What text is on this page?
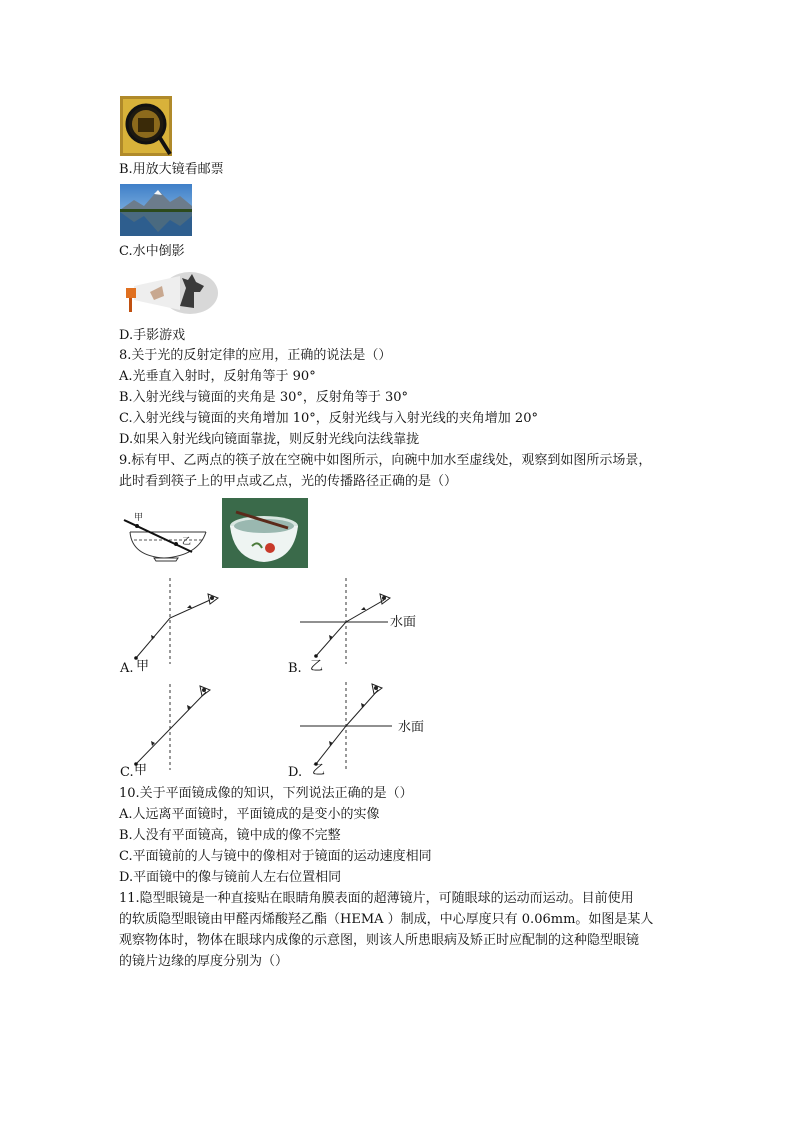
B.用放大镜看邮票
C.水中倒影
D.手影游戏
8.关于光的反射定律的应用，正确的说法是（）
A.光垂直入射时，反射角等于 90°
B.入射光线与镜面的夹角是 30°，反射角等于 30°
C.入射光线与镜面的夹角增加 10°，反射光线与入射光线的夹角增加 20°
D.如果入射光线向镜面靠拢，则反射光线向法线靠拢
9.标有甲、乙两点的筷子放在空碗中如图所示，向碗中加水至虚线处，观察到如图所示场景，
此时看到筷子上的甲点或乙点，光的传播路径正确的是（）
甲
乙
A. 甲
水面
B. 乙
C. 甲
水面
D. 乙
10.关于平面镜成像的知识，下列说法正确的是（）
A.人远离平面镜时，平面镜成的是变小的实像
B.人没有平面镜高，镜中成的像不完整
C.平面镜前的人与镜中的像相对于镜面的运动速度相同
D.平面镜中的像与镜前人左右位置相同
11.隐型眼镜是一种直接贴在眼睛角膜表面的超薄镜片，可随眼球的运动而运动。目前使用
的软质隐型眼镜由甲醛丙烯酸羟乙酯（HEMA ）制成，中心厚度只有 0.06mm。如图是某人
观察物体时，物体在眼球内成像的示意图，则该人所患眼病及矫正时应配制的这种隐型眼镜
的镜片边缘的厚度分别为（）
